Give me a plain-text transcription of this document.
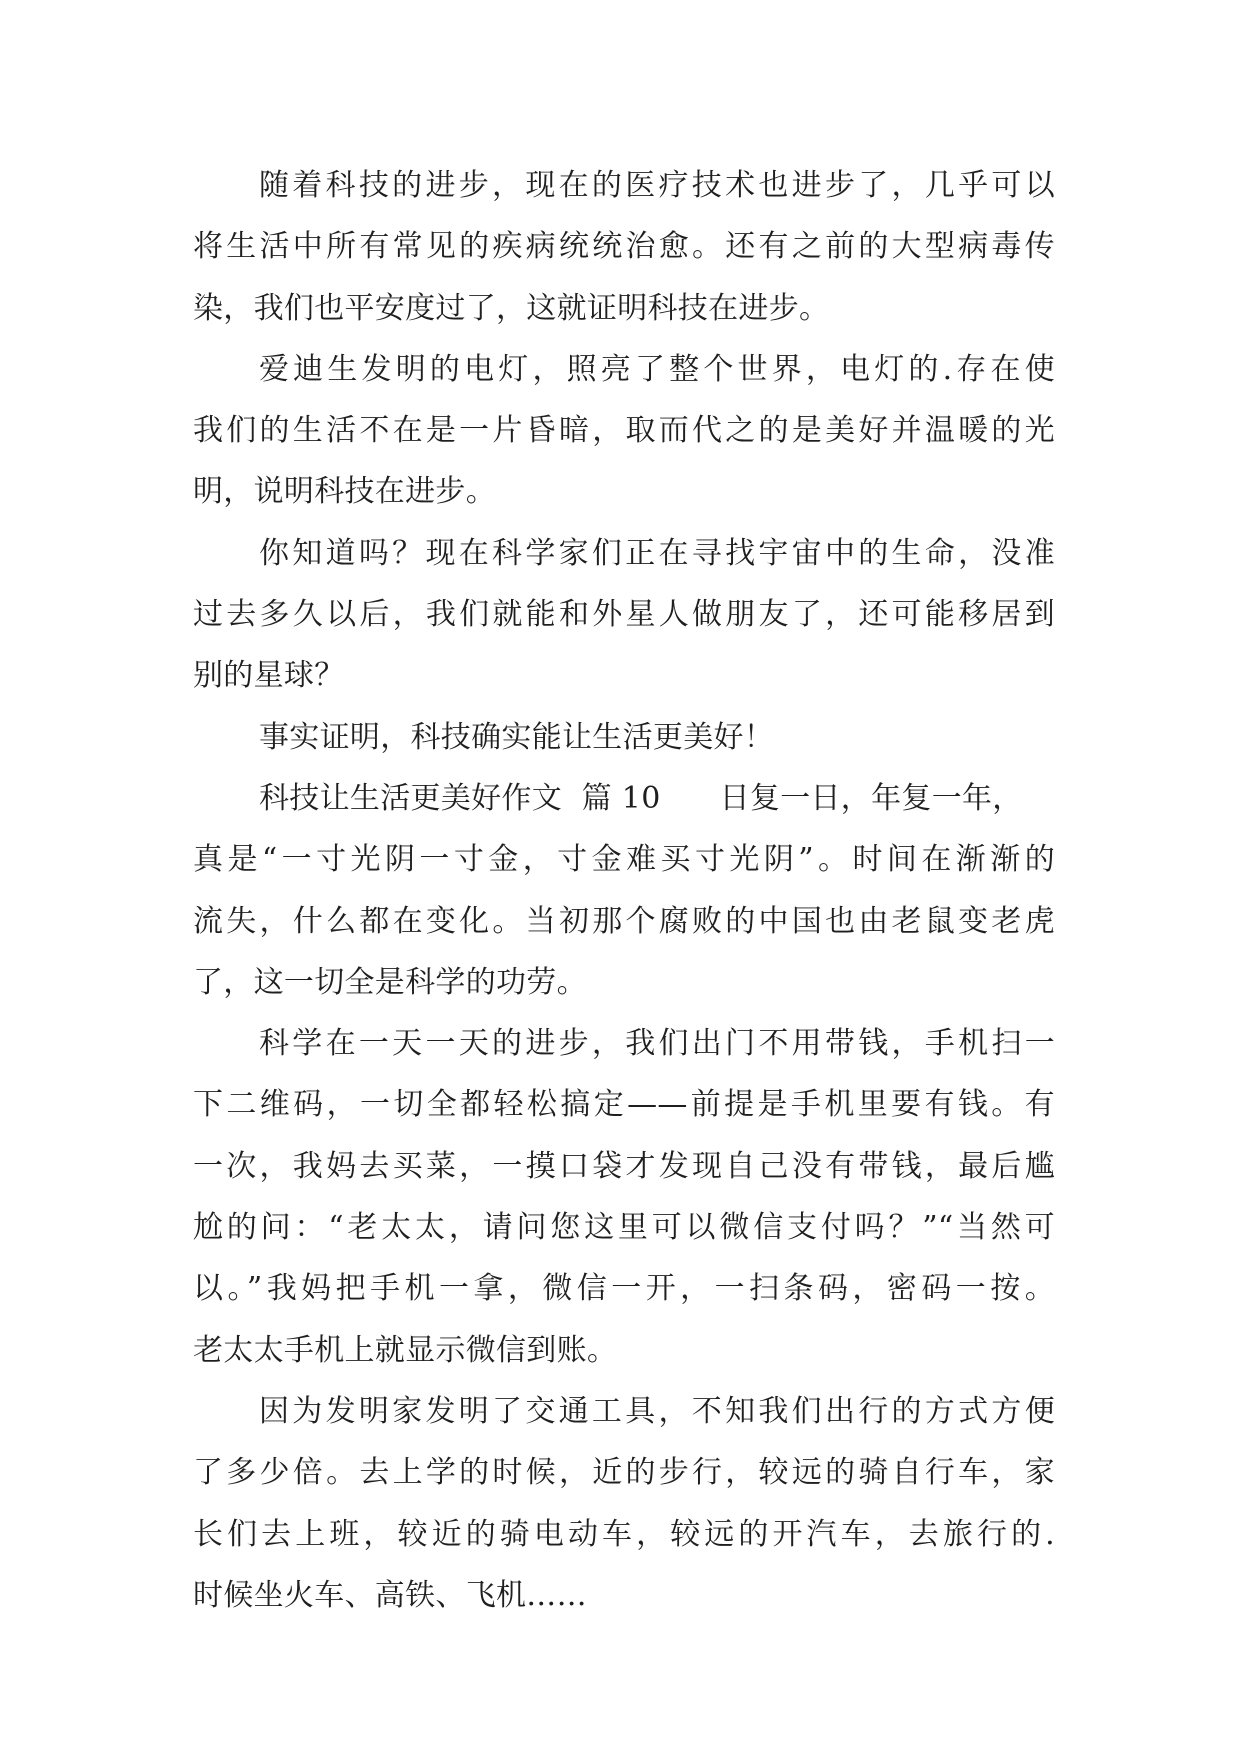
随着科技的进步，现在的医疗技术也进步了，几乎可以
将生活中所有常见的疾病统统治愈。还有之前的大型病毒传
染，我们也平安度过了，这就证明科技在进步。
爱迪生发明的电灯，照亮了整个世界，电灯的.存在使
我们的生活不在是一片昏暗，取而代之的是美好并温暖的光
明，说明科技在进步。
你知道吗？现在科学家们正在寻找宇宙中的生命，没准
过去多久以后，我们就能和外星人做朋友了，还可能移居到
别的星球？
事实证明，科技确实能让生活更美好！
科技让生活更美好作文  篇 10      日复一日，年复一年，
真是“一寸光阴一寸金，寸金难买寸光阴”。时间在渐渐的
流失，什么都在变化。当初那个腐败的中国也由老鼠变老虎
了，这一切全是科学的功劳。
科学在一天一天的进步，我们出门不用带钱，手机扫一
下二维码，一切全都轻松搞定——前提是手机里要有钱。有
一次，我妈去买菜，一摸口袋才发现自己没有带钱，最后尴
尬的问：“老太太，请问您这里可以微信支付吗？”“当然可
以。”我妈把手机一拿，微信一开，一扫条码，密码一按。
老太太手机上就显示微信到账。
因为发明家发明了交通工具，不知我们出行的方式方便
了多少倍。去上学的时候，近的步行，较远的骑自行车，家
长们去上班，较近的骑电动车，较远的开汽车，去旅行的.
时候坐火车、高铁、飞机……
